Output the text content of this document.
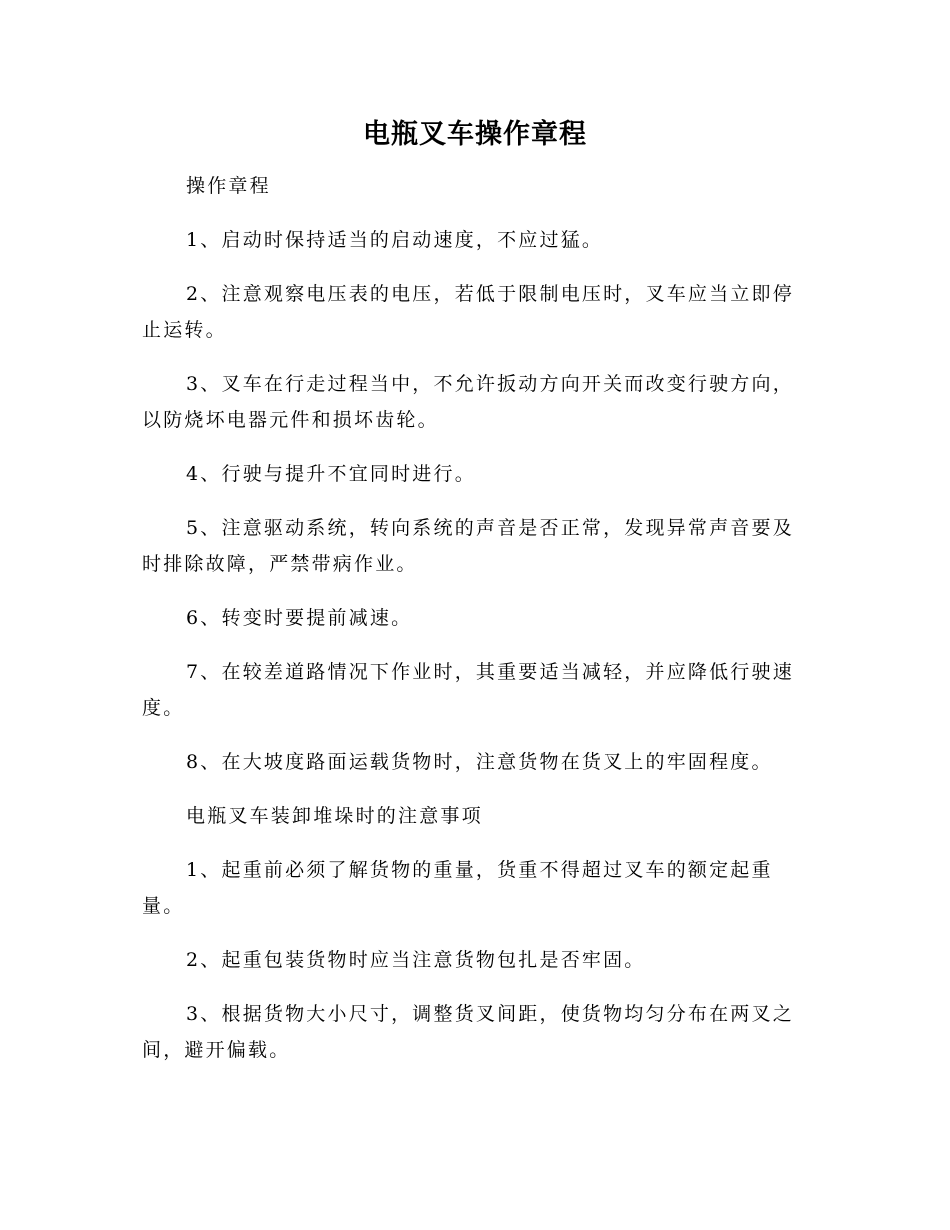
电瓶叉车操作章程

操作章程

1、启动时保持适当的启动速度，不应过猛。

2、注意观察电压表的电压，若低于限制电压时，叉车应当立即停止运转。

3、叉车在行走过程当中，不允许扳动方向开关而改变行驶方向，以防烧坏电器元件和损坏齿轮。

4、行驶与提升不宜同时进行。

5、注意驱动系统，转向系统的声音是否正常，发现异常声音要及时排除故障，严禁带病作业。

6、转变时要提前减速。

7、在较差道路情况下作业时，其重要适当减轻，并应降低行驶速度。

8、在大坡度路面运载货物时，注意货物在货叉上的牢固程度。

电瓶叉车装卸堆垛时的注意事项

1、起重前必须了解货物的重量，货重不得超过叉车的额定起重量。

2、起重包装货物时应当注意货物包扎是否牢固。

3、根据货物大小尺寸，调整货叉间距，使货物均匀分布在两叉之间，避开偏载。
